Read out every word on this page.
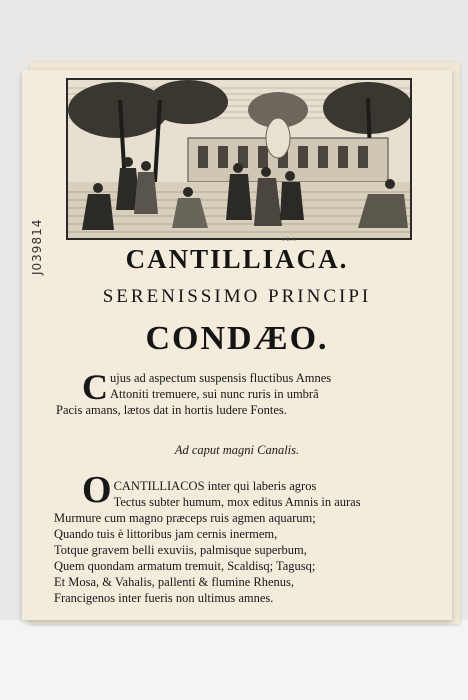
J039814	J. B. S.
CANTILLIACA.
SERENISSIMO PRINCIPI
CONDÆO.
C ujus ad aspectum suspensis fluctibus Amnes
Attoniti tremuere, sui nunc ruris in umbrâ
Pacis amans, lætos dat in hortis ludere Fontes.
Ad caput magni Canalis.
O CANTILLIACOS inter qui laberis agros
Tectus subter humum, mox editus Amnis in auras
Murmure cum magno præceps ruis agmen aquarum;
Quando tuis è littoribus jam cernis inermem,
Totque gravem belli exuviis, palmisque superbum,
Quem quondam armatum tremuit, Scaldisq; Tagusq;
Et Mosa, & Vahalis, pallenti & flumine Rhenus,
Francigenos inter fueris non ultimus amnes.
